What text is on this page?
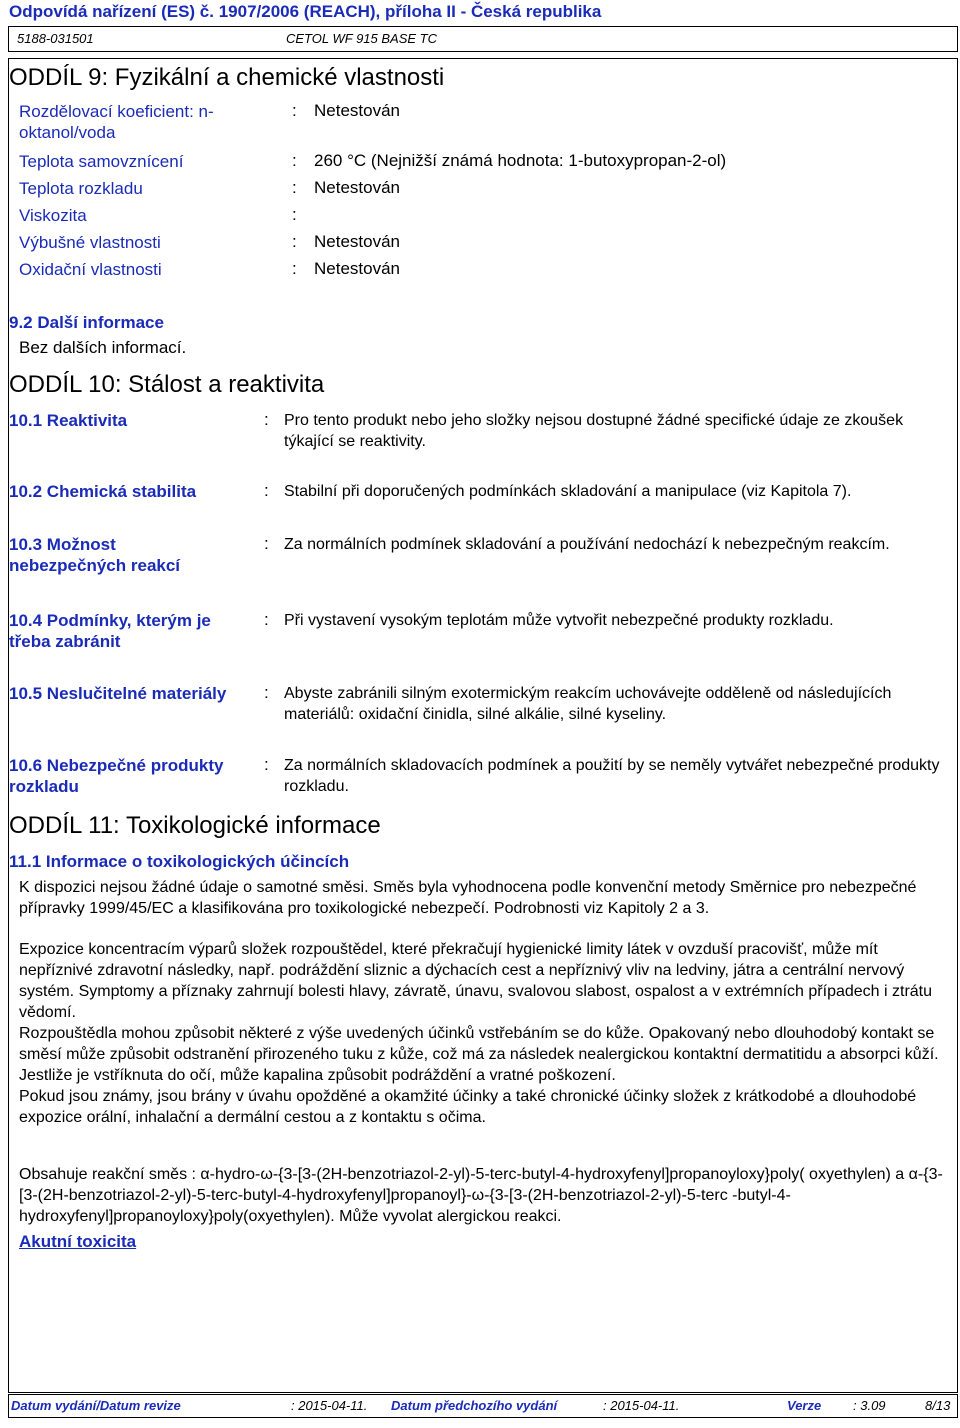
Odpovídá nařízení (ES) č. 1907/2006 (REACH), příloha II - Česká republika
5188-031501	CETOL WF 915 BASE TC
ODDÍL 9: Fyzikální a chemické vlastnosti
Rozdělovací koeficient: n-oktanol/voda
: Netestován
Teplota samovznícení	: 260 °C (Nejnižší známá hodnota: 1-butoxypropan-2-ol)
Teplota rozkladu	: Netestován
Viskozita	:
Výbušné vlastnosti	: Netestován
Oxidační vlastnosti	: Netestován
9.2 Další informace
Bez dalších informací.
ODDÍL 10: Stálost a reaktivita
10.1 Reaktivita	: Pro tento produkt nebo jeho složky nejsou dostupné žádné specifické údaje ze zkoušek týkající se reaktivity.
10.2 Chemická stabilita	: Stabilní při doporučených podmínkách skladování a manipulace (viz Kapitola 7).
10.3 Možnost nebezpečných reakcí
: Za normálních podmínek skladování a používání nedochází k nebezpečným reakcím.
10.4 Podmínky, kterým je třeba zabránit
: Při vystavení vysokým teplotám může vytvořit nebezpečné produkty rozkladu.
10.5 Neslučitelné materiály	: Abyste zabránili silným exotermickým reakcím uchovávejte odděleně od následujících materiálů: oxidační činidla, silné alkálie, silné kyseliny.
10.6 Nebezpečné produkty rozkladu
: Za normálních skladovacích podmínek a použití by se neměly vytvářet nebezpečné produkty rozkladu.
ODDÍL 11: Toxikologické informace
11.1 Informace o toxikologických účincích
K dispozici nejsou žádné údaje o samotné směsi. Směs byla vyhodnocena podle konvenční metody Směrnice pro nebezpečné přípravky 1999/45/EC a klasifikována pro toxikologické nebezpečí. Podrobnosti viz Kapitoly 2 a 3.
Expozice koncentracím výparů složek rozpouštědel, které překračují hygienické limity látek v ovzduší pracovišť, může mít nepříznivé zdravotní následky, např. podráždění sliznic a dýchacích cest a nepříznivý vliv na ledviny, játra a centrální nervový systém. Symptomy a příznaky zahrnují bolesti hlavy, závratě, únavu, svalovou slabost, ospalost a v extrémních případech i ztrátu vědomí.
Rozpouštědla mohou způsobit některé z výše uvedených účinků vstřebáním se do kůže. Opakovaný nebo dlouhodobý kontakt se směsí může způsobit odstranění přirozeného tuku z kůže, což má za následek nealergickou kontaktní dermatitidu a absorpci kůží.
Jestliže je vstříknuta do očí, může kapalina způsobit podráždění a vratné poškození.
Pokud jsou známy, jsou brány v úvahu opožděné a okamžité účinky a také chronické účinky složek z krátkodobé a dlouhodobé expozice orální, inhalační a dermální cestou a z kontaktu s očima.
Obsahuje reakční směs : α-hydro-ω-{3-[3-(2H-benzotriazol-2-yl)-5-terc-butyl-4-hydroxyfenyl]propanoyloxy}poly( oxyethylen) a α-{3-[3-(2H-benzotriazol-2-yl)-5-terc-butyl-4-hydroxyfenyl]propanoyl}-ω-{3-[3-(2H-benzotriazol-2-yl)-5-terc -butyl-4-hydroxyfenyl]propanoyloxy}poly(oxyethylen). Může vyvolat alergickou reakci.
Akutní toxicita
Datum vydání/Datum revize	: 2015-04-11. Datum předchozího vydání	: 2015-04-11.	Verze : 3.09	8/13
